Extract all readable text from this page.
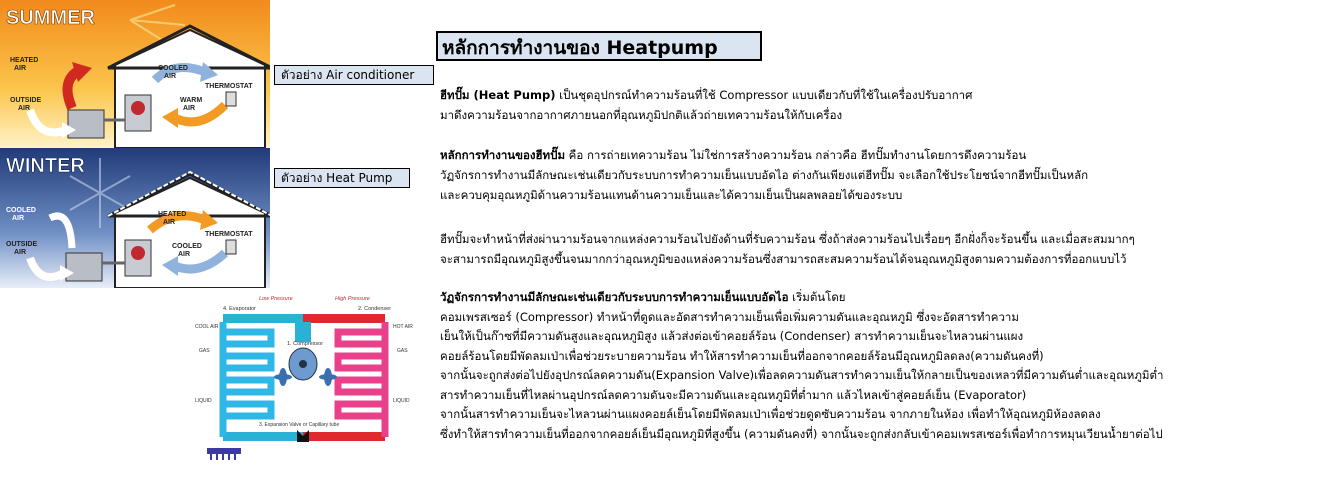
SUMMER
HEATED
AIR
OUTSIDE
AIR
COOLED
AIR
THERMOSTAT
WARM
AIR
WINTER
COOLED
AIR
OUTSIDE
AIR
HEATED
AIR
THERMOSTAT
COOLED
AIR
ตัวอย่าง Air conditioner
ตัวอย่าง Heat Pump
Low Pressure	High Pressure
4. Evaporator	2. Condenser
1. Compressor
3. Expansion Valve or Capillary tube
COOL AIR	HOT AIR
GAS	GAS
LIQUID	LIQUID
หลักการทำงานของ Heatpump
ฮีทปั๊ม (Heat Pump) เป็นชุดอุปกรณ์ทำความร้อนที่ใช้ Compressor แบบเดียวกับที่ใช้ในเครื่องปรับอากาศ
มาดึงความร้อนจากอากาศภายนอกที่อุณหภูมิปกติแล้วถ่ายเทความร้อนให้กับเครื่อง
หลักการทำงานของฮีทปั๊ม คือ การถ่ายเทความร้อน ไม่ใช่การสร้างความร้อน กล่าวคือ ฮีทปั๊มทำงานโดยการดึงความร้อน
วัฏจักรการทำงานมีลักษณะเช่นเดียวกับระบบการทำความเย็นแบบอัดไอ ต่างกันเพียงแต่ฮีทปั๊ม จะเลือกใช้ประโยชน์จากฮีทปั๊มเป็นหลัก
และควบคุมอุณหภูมิด้านความร้อนแทนด้านความเย็นและได้ความเย็นเป็นผลพลอยได้ของระบบ
ฮีทปั๊มจะทำหน้าที่ส่งผ่านวามร้อนจากแหล่งความร้อนไปยังด้านที่รับความร้อน ซึ่งถ้าส่งความร้อนไปเรื่อยๆ อีกฝั่งก็จะร้อนขึ้น และเมื่อสะสมมากๆ
จะสามารถมีอุณหภูมิสูงขึ้นจนมากกว่าอุณหภูมิของแหล่งความร้อนซึ่งสามารถสะสมความร้อนได้จนอุณหภูมิสูงตามความต้องการที่ออกแบบไว้
วัฏจักรการทำงานมีลักษณะเช่นเดียวกับระบบการทำความเย็นแบบอัดไอ เริ่มต้นโดย
คอมเพรสเซอร์ (Compressor) ทำหน้าที่ดูดและอัดสารทำความเย็นเพื่อเพิ่มความดันและอุณหภูมิ ซึ่งจะอัดสารทำความ
เย็นให้เป็นก๊าซที่มีความดันสูงและอุณหภูมิสูง แล้วส่งต่อเข้าคอยล์ร้อน (Condenser) สารทำความเย็นจะไหลวนผ่านแผง
คอยล์ร้อนโดยมีพัดลมเป่าเพื่อช่วยระบายความร้อน ทำให้สารทำความเย็นที่ออกจากคอยล์ร้อนมีอุณหภูมิลดลง(ความดันคงที่)
จากนั้นจะถูกส่งต่อไปยังอุปกรณ์ลดความดัน(Expansion Valve)เพื่อลดความดันสารทำความเย็นให้กลายเป็นของเหลวที่มีความดันต่ำและอุณหภูมิต่ำ
สารทำความเย็นที่ไหลผ่านอุปกรณ์ลดความดันจะมีความดันและอุณหภูมิที่ต่ำมาก แล้วไหลเข้าสู่คอยล์เย็น (Evaporator)
จากนั้นสารทำความเย็นจะไหลวนผ่านแผงคอยล์เย็นโดยมีพัดลมเป่าเพื่อช่วยดูดซับความร้อน จากภายในห้อง เพื่อทำให้อุณหภูมิห้องลดลง
ซึ่งทำให้สารทำความเย็นที่ออกจากคอยล์เย็นมีอุณหภูมิที่สูงขึ้น (ความดันคงที่) จากนั้นจะถูกส่งกลับเข้าคอมเพรสเซอร์เพื่อทำการหมุนเวียนน้ำยาต่อไป
